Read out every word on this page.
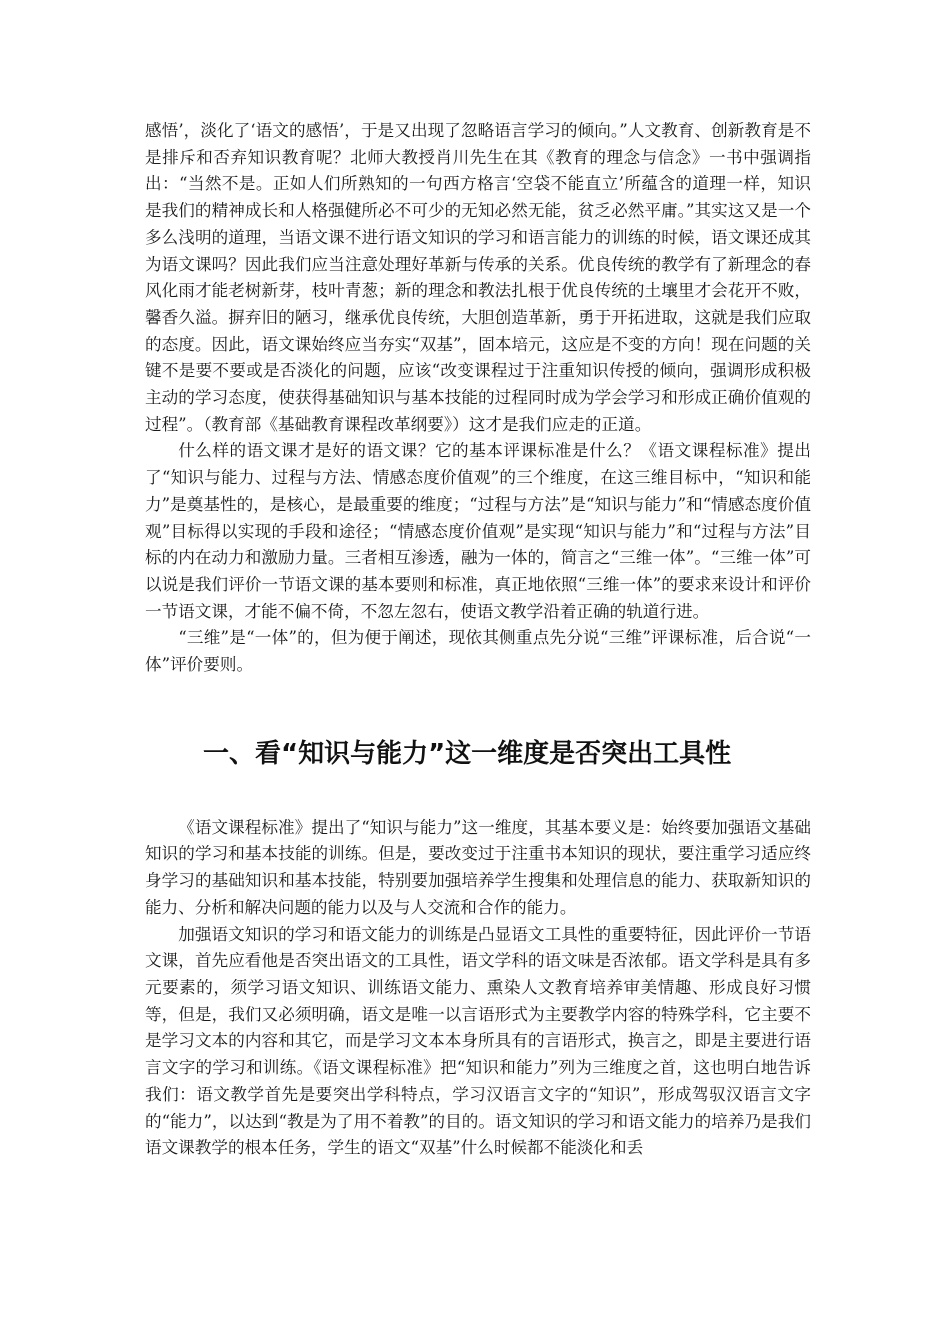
感悟’，淡化了‘语文的感悟’，于是又出现了忽略语言学习的倾向。”人文教育、创新教育是不是排斥和否弃知识教育呢？北师大教授肖川先生在其《教育的理念与信念》一书中强调指出：“当然不是。正如人们所熟知的一句西方格言‘空袋不能直立’所蕴含的道理一样，知识是我们的精神成长和人格强健所必不可少的无知必然无能，贫乏必然平庸。”其实这又是一个多么浅明的道理，当语文课不进行语文知识的学习和语言能力的训练的时候，语文课还成其为语文课吗？因此我们应当注意处理好革新与传承的关系。优良传统的教学有了新理念的春风化雨才能老树新芽，枝叶青葱；新的理念和教法扎根于优良传统的土壤里才会花开不败，馨香久溢。摒弃旧的陋习，继承优良传统，大胆创造革新，勇于开拓进取，这就是我们应取的态度。因此，语文课始终应当夯实“双基”，固本培元，这应是不变的方向！现在问题的关键不是要不要或是否淡化的问题，应该“改变课程过于注重知识传授的倾向，强调形成积极主动的学习态度，使获得基础知识与基本技能的过程同时成为学会学习和形成正确价值观的过程”。（教育部《基础教育课程改革纲要》）这才是我们应走的正道。

什么样的语文课才是好的语文课？它的基本评课标准是什么？《语文课程标准》提出了“知识与能力、过程与方法、情感态度价值观”的三个维度，在这三维目标中，“知识和能力”是奠基性的，是核心，是最重要的维度；“过程与方法”是“知识与能力”和“情感态度价值观”目标得以实现的手段和途径；“情感态度价值观”是实现“知识与能力”和“过程与方法”目标的内在动力和激励力量。三者相互渗透，融为一体的，简言之“三维一体”。“三维一体”可以说是我们评价一节语文课的基本要则和标准，真正地依照“三维一体”的要求来设计和评价一节语文课，才能不偏不倚，不忽左忽右，使语文教学沿着正确的轨道行进。

“三维”是“一体”的，但为便于阐述，现依其侧重点先分说“三维”评课标准，后合说“一体”评价要则。

一、看“知识与能力”这一维度是否突出工具性

《语文课程标准》提出了“知识与能力”这一维度，其基本要义是：始终要加强语文基础知识的学习和基本技能的训练。但是，要改变过于注重书本知识的现状，要注重学习适应终身学习的基础知识和基本技能，特别要加强培养学生搜集和处理信息的能力、获取新知识的能力、分析和解决问题的能力以及与人交流和合作的能力。

加强语文知识的学习和语文能力的训练是凸显语文工具性的重要特征，因此评价一节语文课，首先应看他是否突出语文的工具性，语文学科的语文味是否浓郁。语文学科是具有多元要素的，须学习语文知识、训练语文能力、熏染人文教育培养审美情趣、形成良好习惯等，但是，我们又必须明确，语文是唯一以言语形式为主要教学内容的特殊学科，它主要不是学习文本的内容和其它，而是学习文本本身所具有的言语形式，换言之，即是主要进行语言文字的学习和训练。《语文课程标准》把“知识和能力”列为三维度之首，这也明白地告诉我们：语文教学首先是要突出学科特点，学习汉语言文字的“知识”，形成驾驭汉语言文字的“能力”，以达到“教是为了用不着教”的目的。语文知识的学习和语文能力的培养乃是我们语文课教学的根本任务，学生的语文“双基”什么时候都不能淡化和丢
